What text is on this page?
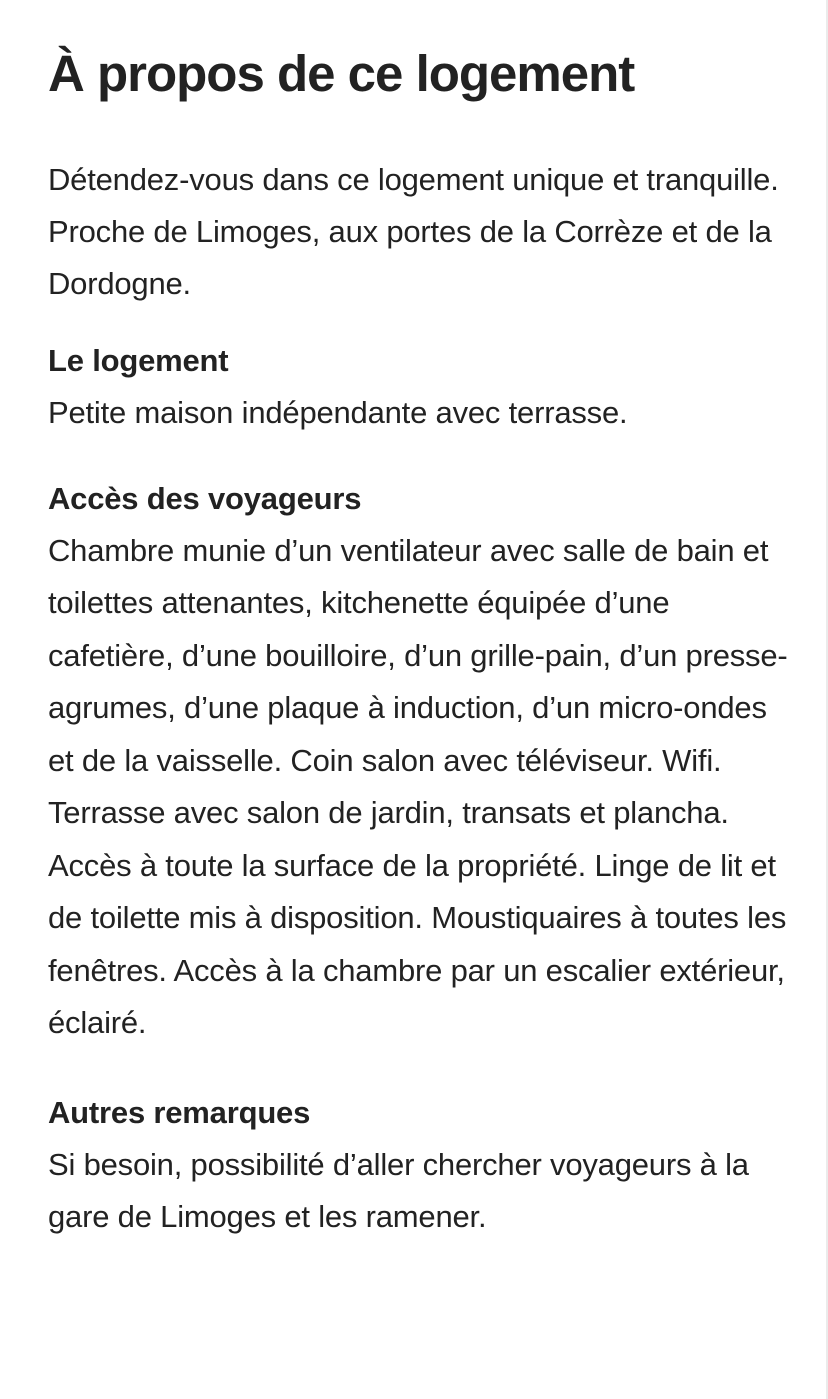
À propos de ce logement

Détendez-vous dans ce logement unique et tranquille. Proche de Limoges, aux portes de la Corrèze et de la Dordogne.

Le logement

Petite maison indépendante avec terrasse.

Accès des voyageurs

Chambre munie d’un ventilateur avec salle de bain et toilettes attenantes, kitchenette équipée d’une cafetière, d’une bouilloire, d’un grille-pain, d’un presse-agrumes, d’une plaque à induction, d’un micro-ondes et de la vaisselle. Coin salon avec téléviseur. Wifi. Terrasse avec salon de jardin, transats et plancha. Accès à toute la surface de la propriété. Linge de lit et de toilette mis à disposition. Moustiquaires à toutes les fenêtres. Accès à la chambre par un escalier extérieur, éclairé.

Autres remarques

Si besoin, possibilité d’aller chercher voyageurs à la gare de Limoges et les ramener.
